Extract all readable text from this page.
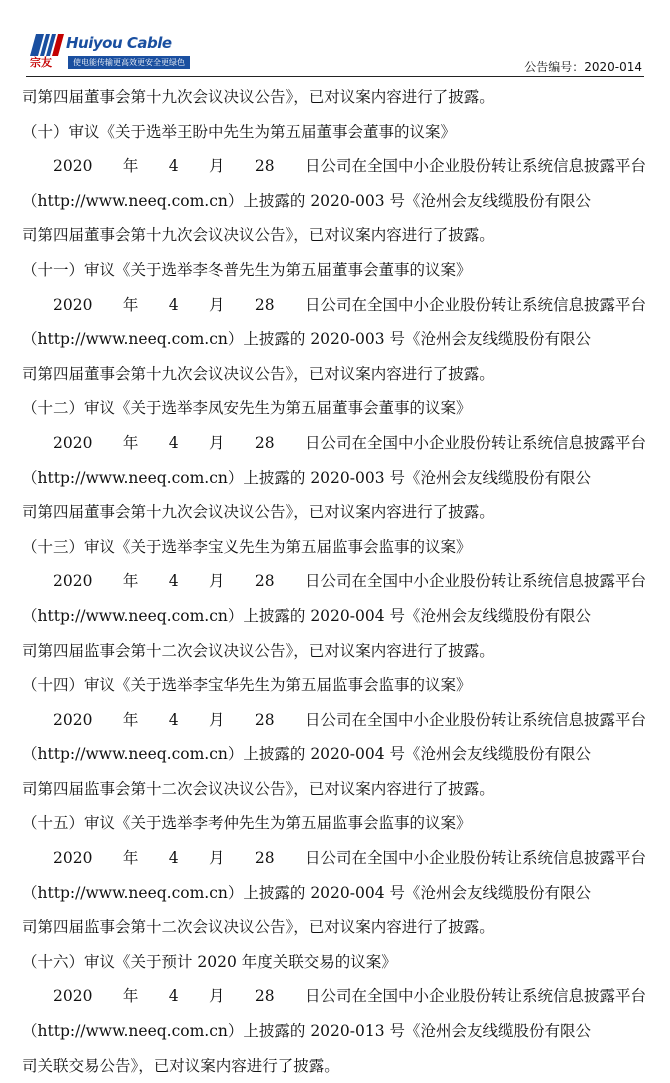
宗友
Huiyou Cable
使电能传输更高效更安全更绿色	公告编号：2020-014
司第四届董事会第十九次会议决议公告》，已对议案内容进行了披露。
（十）审议《关于选举王盼中先生为第五届董事会董事的议案》
2020 年 4 月 28 日公司在全国中小企业股份转让系统信息披露平台
（http://www.neeq.com.cn）上披露的 2020-003 号《沧州会友线缆股份有限公
司第四届董事会第十九次会议决议公告》，已对议案内容进行了披露。
（十一）审议《关于选举李冬普先生为第五届董事会董事的议案》
2020 年 4 月 28 日公司在全国中小企业股份转让系统信息披露平台
（http://www.neeq.com.cn）上披露的 2020-003 号《沧州会友线缆股份有限公
司第四届董事会第十九次会议决议公告》，已对议案内容进行了披露。
（十二）审议《关于选举李凤安先生为第五届董事会董事的议案》
2020 年 4 月 28 日公司在全国中小企业股份转让系统信息披露平台
（http://www.neeq.com.cn）上披露的 2020-003 号《沧州会友线缆股份有限公
司第四届董事会第十九次会议决议公告》，已对议案内容进行了披露。
（十三）审议《关于选举李宝义先生为第五届监事会监事的议案》
2020 年 4 月 28 日公司在全国中小企业股份转让系统信息披露平台
（http://www.neeq.com.cn）上披露的 2020-004 号《沧州会友线缆股份有限公
司第四届监事会第十二次会议决议公告》，已对议案内容进行了披露。
（十四）审议《关于选举李宝华先生为第五届监事会监事的议案》
2020 年 4 月 28 日公司在全国中小企业股份转让系统信息披露平台
（http://www.neeq.com.cn）上披露的 2020-004 号《沧州会友线缆股份有限公
司第四届监事会第十二次会议决议公告》，已对议案内容进行了披露。
（十五）审议《关于选举李考仲先生为第五届监事会监事的议案》
2020 年 4 月 28 日公司在全国中小企业股份转让系统信息披露平台
（http://www.neeq.com.cn）上披露的 2020-004 号《沧州会友线缆股份有限公
司第四届监事会第十二次会议决议公告》，已对议案内容进行了披露。
（十六）审议《关于预计 2020 年度关联交易的议案》
2020 年 4 月 28 日公司在全国中小企业股份转让系统信息披露平台
（http://www.neeq.com.cn）上披露的 2020-013 号《沧州会友线缆股份有限公
司关联交易公告》，已对议案内容进行了披露。
